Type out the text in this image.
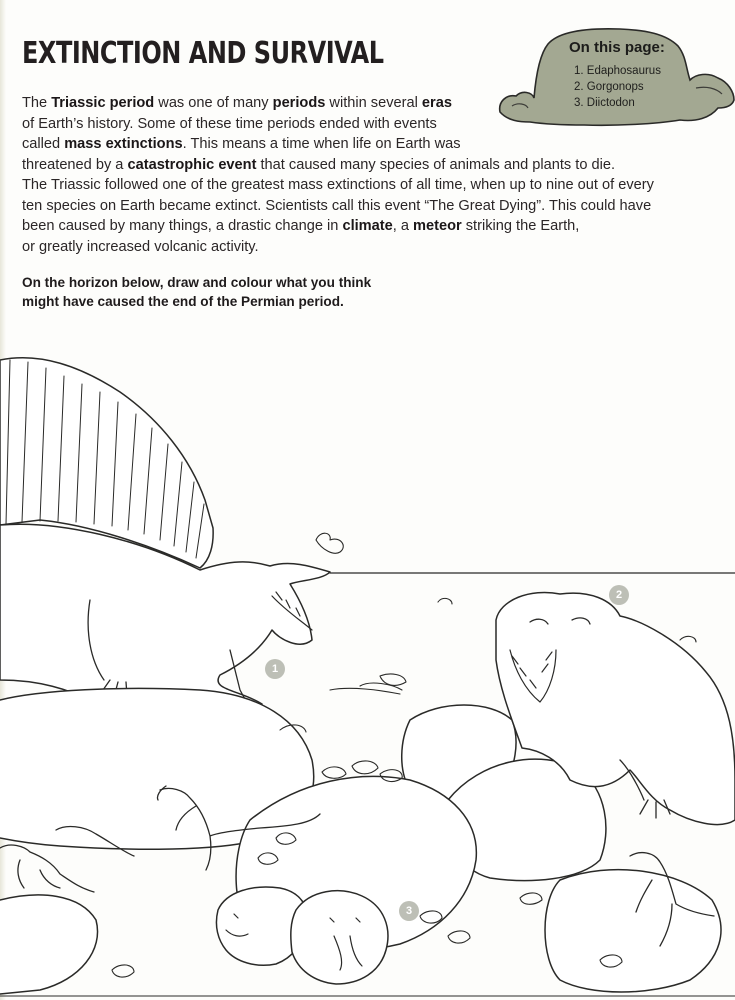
EXTINCTION AND SURVIVAL

The Triassic period was one of many periods within several eras
of Earth’s history. Some of these time periods ended with events
called mass extinctions. This means a time when life on Earth was
threatened by a catastrophic event that caused many species of animals and plants to die.
The Triassic followed one of the greatest mass extinctions of all time, when up to nine out of every
ten species on Earth became extinct. Scientists call this event “The Great Dying”. This could have
been caused by many things, a drastic change in climate, a meteor striking the Earth,
or greatly increased volcanic activity.

On the horizon below, draw and colour what you think
might have caused the end of the Permian period.

On this page:
1. Edaphosaurus
2. Gorgonops
3. Diictodon
1
2
3
